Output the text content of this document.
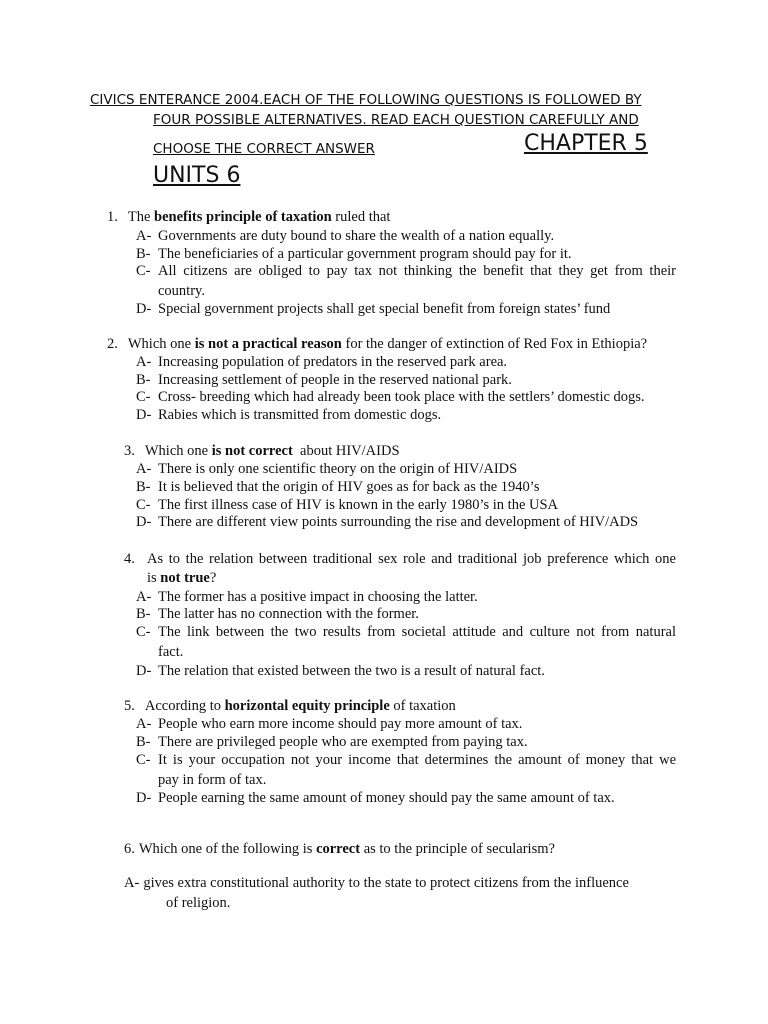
CIVICS ENTERANCE 2004.EACH OF THE FOLLOWING QUESTIONS IS FOLLOWED BY
FOUR POSSIBLE ALTERNATIVES. READ EACH QUESTION CAREFULLY AND
CHOOSE THE CORRECT ANSWER	CHAPTER 5
UNITS 6
1. The benefits principle of taxation ruled that
A- Governments are duty bound to share the wealth of a nation equally.
B- The beneficiaries of a particular government program should pay for it.
C- All citizens are obliged to pay tax not thinking the benefit that they get from their
country.
D- Special government projects shall get special benefit from foreign states’ fund
2. Which one is not a practical reason for the danger of extinction of Red Fox in Ethiopia?
A- Increasing population of predators in the reserved park area.
B- Increasing settlement of people in the reserved national park.
C- Cross- breeding which had already been took place with the settlers’ domestic dogs.
D- Rabies which is transmitted from domestic dogs.
3. Which one is not correct  about HIV/AIDS
A- There is only one scientific theory on the origin of HIV/AIDS
B- It is believed that the origin of HIV goes as for back as the 1940’s
C- The first illness case of HIV is known in the early 1980’s in the USA
D- There are different view points surrounding the rise and development of HIV/ADS
4. As to the relation between traditional sex role and traditional job preference which one
is not true?
A- The former has a positive impact in choosing the latter.
B- The latter has no connection with the former.
C- The link between the two results from societal attitude and culture not from natural
fact.
D- The relation that existed between the two is a result of natural fact.
5. According to horizontal equity principle of taxation
A- People who earn more income should pay more amount of tax.
B- There are privileged people who are exempted from paying tax.
C- It is your occupation not your income that determines the amount of money that we
pay in form of tax.
D- People earning the same amount of money should pay the same amount of tax.
6. Which one of the following is correct as to the principle of secularism?
A- gives extra constitutional authority to the state to protect citizens from the influence
of religion.
